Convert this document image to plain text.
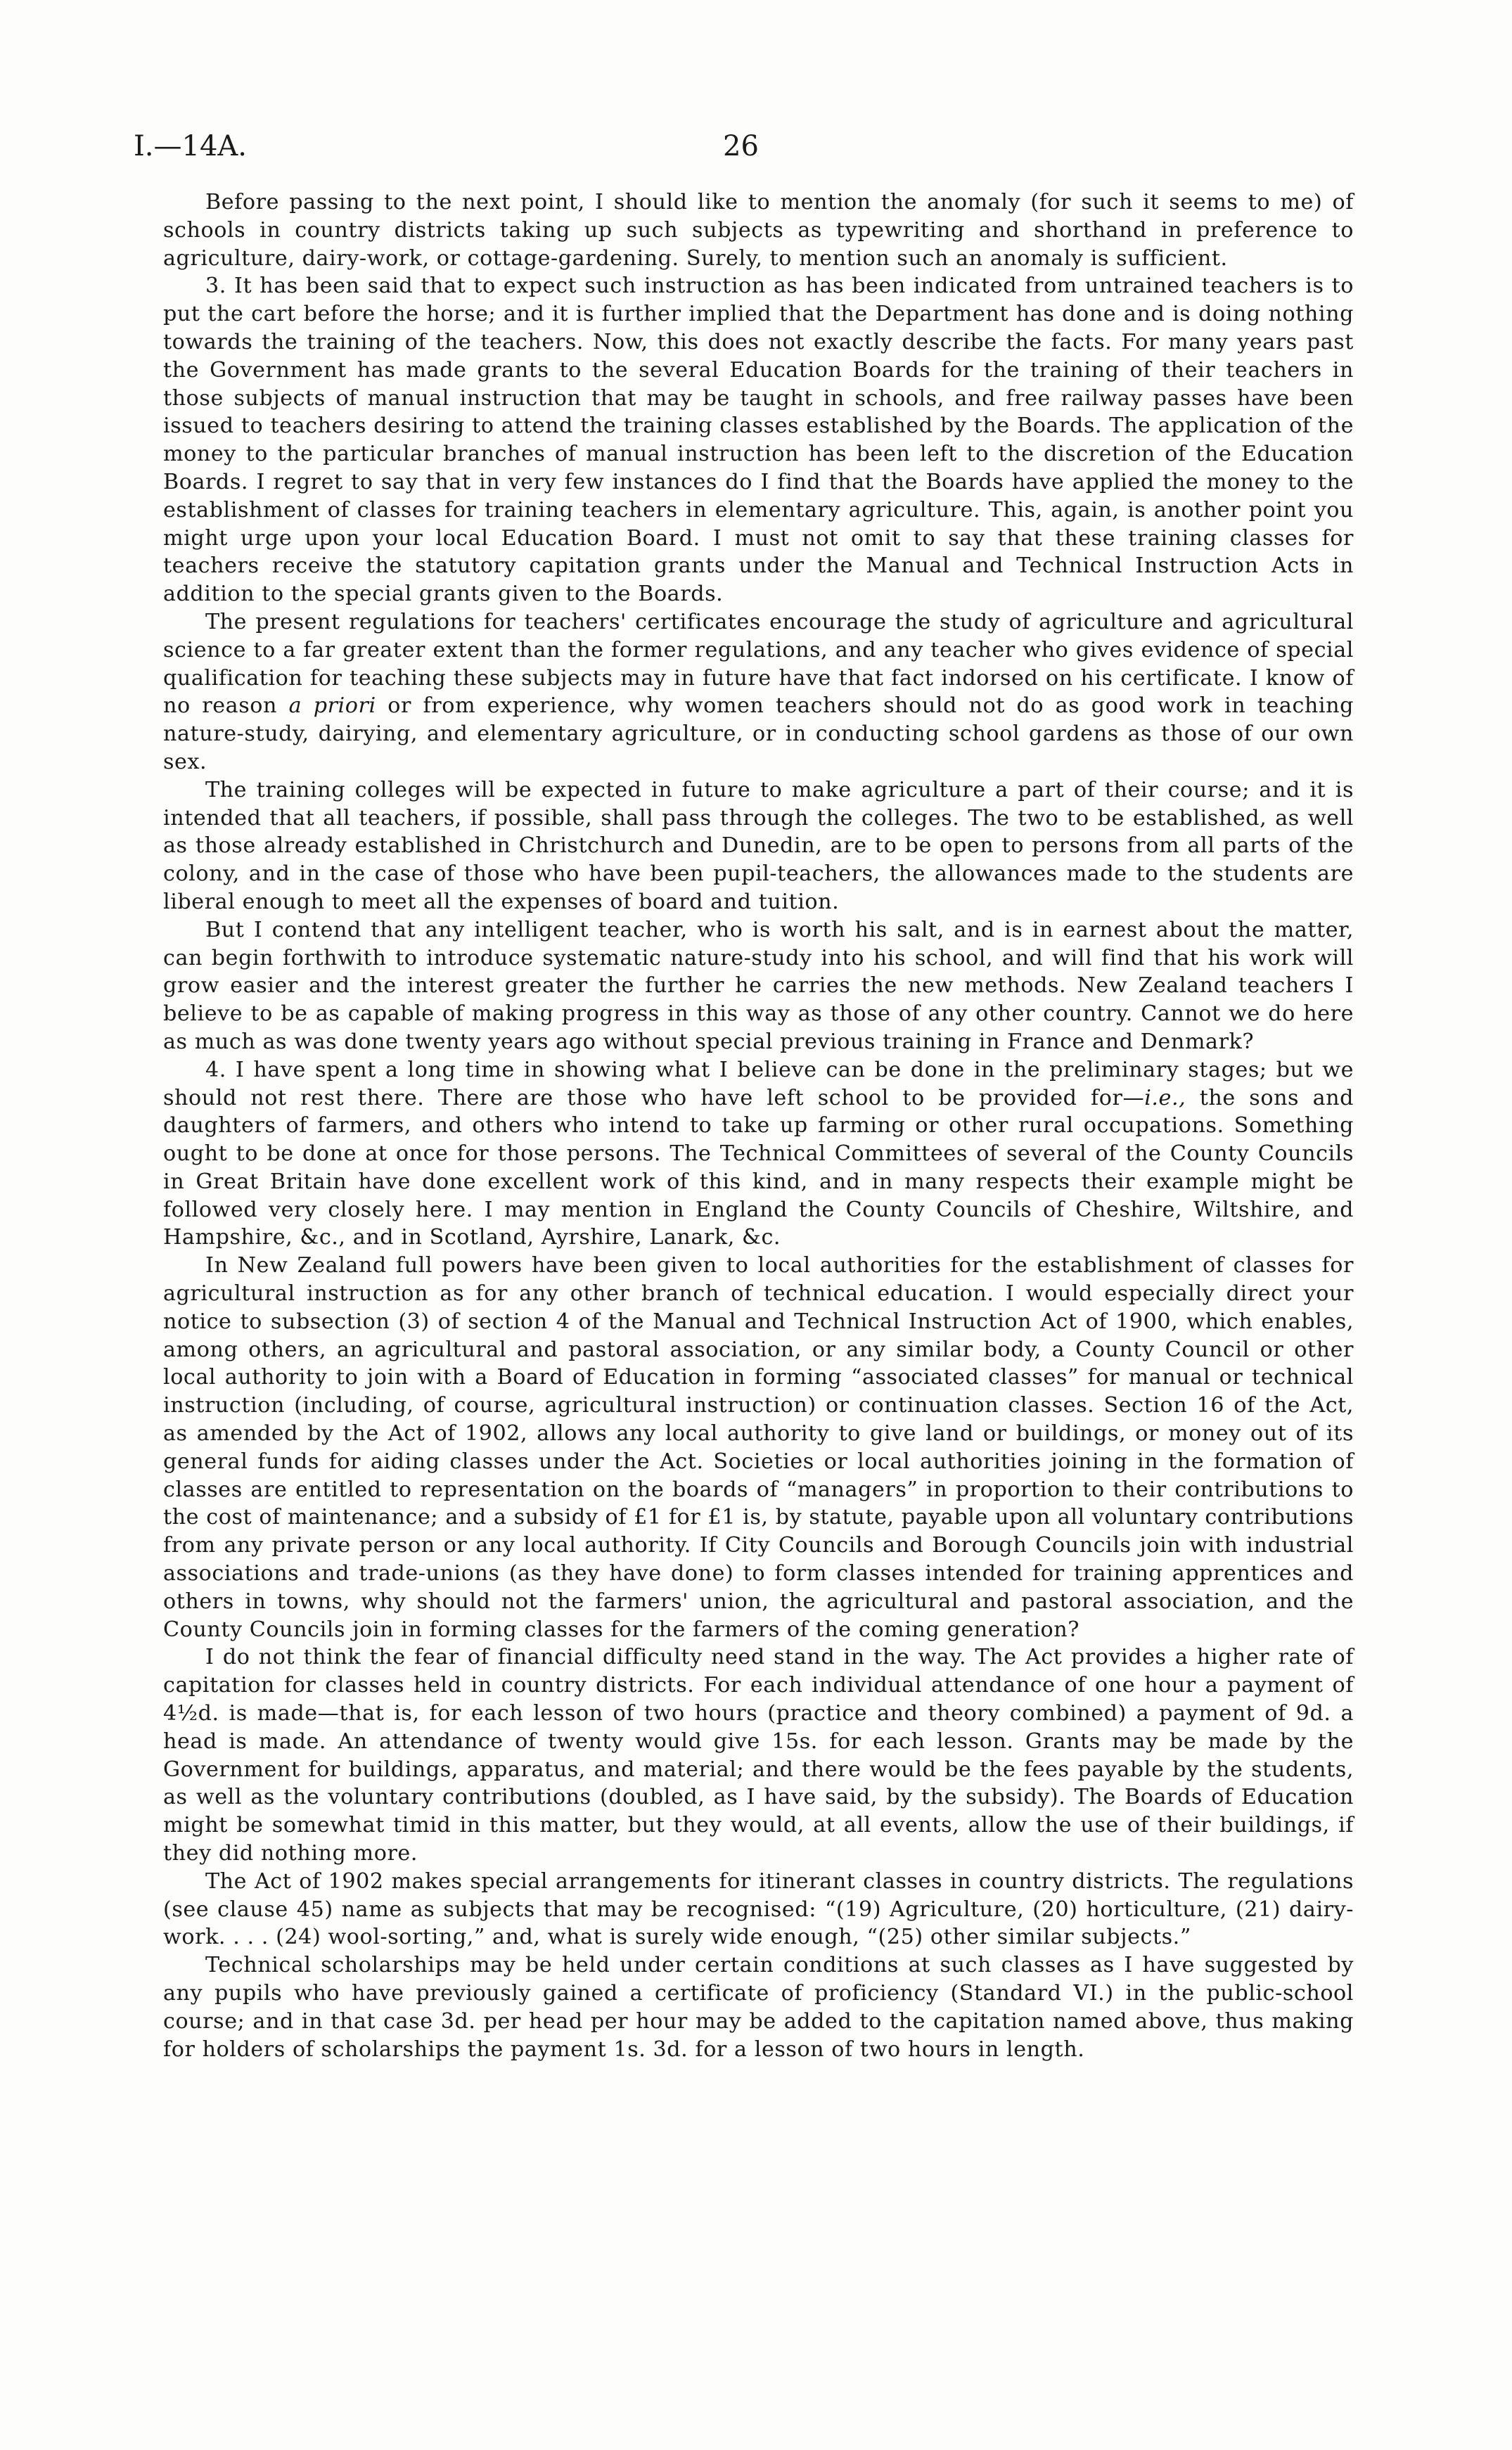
I.—14A.	26

Before passing to the next point, I should like to mention the anomaly (for such it seems to me) of schools in country districts taking up such subjects as typewriting and shorthand in preference to agriculture, dairy-work, or cottage-gardening. Surely, to mention such an anomaly is sufficient.

3. It has been said that to expect such instruction as has been indicated from untrained teachers is to put the cart before the horse; and it is further implied that the Department has done and is doing nothing towards the training of the teachers. Now, this does not exactly describe the facts. For many years past the Government has made grants to the several Education Boards for the training of their teachers in those subjects of manual instruction that may be taught in schools, and free railway passes have been issued to teachers desiring to attend the training classes established by the Boards. The application of the money to the particular branches of manual instruction has been left to the discretion of the Education Boards. I regret to say that in very few instances do I find that the Boards have applied the money to the establishment of classes for training teachers in elementary agriculture. This, again, is another point you might urge upon your local Education Board. I must not omit to say that these training classes for teachers receive the statutory capitation grants under the Manual and Technical Instruction Acts in addition to the special grants given to the Boards.

The present regulations for teachers' certificates encourage the study of agriculture and agricultural science to a far greater extent than the former regulations, and any teacher who gives evidence of special qualification for teaching these subjects may in future have that fact indorsed on his certificate. I know of no reason a priori or from experience, why women teachers should not do as good work in teaching nature-study, dairying, and elementary agriculture, or in conducting school gardens as those of our own sex.

The training colleges will be expected in future to make agriculture a part of their course; and it is intended that all teachers, if possible, shall pass through the colleges. The two to be established, as well as those already established in Christchurch and Dunedin, are to be open to persons from all parts of the colony, and in the case of those who have been pupil-teachers, the allowances made to the students are liberal enough to meet all the expenses of board and tuition.

But I contend that any intelligent teacher, who is worth his salt, and is in earnest about the matter, can begin forthwith to introduce systematic nature-study into his school, and will find that his work will grow easier and the interest greater the further he carries the new methods. New Zealand teachers I believe to be as capable of making progress in this way as those of any other country. Cannot we do here as much as was done twenty years ago without special previous training in France and Denmark?

4. I have spent a long time in showing what I believe can be done in the preliminary stages; but we should not rest there. There are those who have left school to be provided for—i.e., the sons and daughters of farmers, and others who intend to take up farming or other rural occupations. Something ought to be done at once for those persons. The Technical Committees of several of the County Councils in Great Britain have done excellent work of this kind, and in many respects their example might be followed very closely here. I may mention in England the County Councils of Cheshire, Wiltshire, and Hampshire, &c., and in Scotland, Ayrshire, Lanark, &c.

In New Zealand full powers have been given to local authorities for the establishment of classes for agricultural instruction as for any other branch of technical education. I would especially direct your notice to subsection (3) of section 4 of the Manual and Technical Instruction Act of 1900, which enables, among others, an agricultural and pastoral association, or any similar body, a County Council or other local authority to join with a Board of Education in forming “associated classes” for manual or technical instruction (including, of course, agricultural instruction) or continuation classes. Section 16 of the Act, as amended by the Act of 1902, allows any local authority to give land or buildings, or money out of its general funds for aiding classes under the Act. Societies or local authorities joining in the formation of classes are entitled to representation on the boards of “managers” in proportion to their contributions to the cost of maintenance; and a subsidy of £1 for £1 is, by statute, payable upon all voluntary contributions from any private person or any local authority. If City Councils and Borough Councils join with industrial associations and trade-unions (as they have done) to form classes intended for training apprentices and others in towns, why should not the farmers' union, the agricultural and pastoral association, and the County Councils join in forming classes for the farmers of the coming generation?

I do not think the fear of financial difficulty need stand in the way. The Act provides a higher rate of capitation for classes held in country districts. For each individual attendance of one hour a payment of 4½d. is made—that is, for each lesson of two hours (practice and theory combined) a payment of 9d. a head is made. An attendance of twenty would give 15s. for each lesson. Grants may be made by the Government for buildings, apparatus, and material; and there would be the fees payable by the students, as well as the voluntary contributions (doubled, as I have said, by the subsidy). The Boards of Education might be somewhat timid in this matter, but they would, at all events, allow the use of their buildings, if they did nothing more.

The Act of 1902 makes special arrangements for itinerant classes in country districts. The regulations (see clause 45) name as subjects that may be recognised: “(19) Agriculture, (20) horticulture, (21) dairy-work. . . . (24) wool-sorting,” and, what is surely wide enough, “(25) other similar subjects.”

Technical scholarships may be held under certain conditions at such classes as I have suggested by any pupils who have previously gained a certificate of proficiency (Standard VI.) in the public-school course; and in that case 3d. per head per hour may be added to the capitation named above, thus making for holders of scholarships the payment 1s. 3d. for a lesson of two hours in length.
